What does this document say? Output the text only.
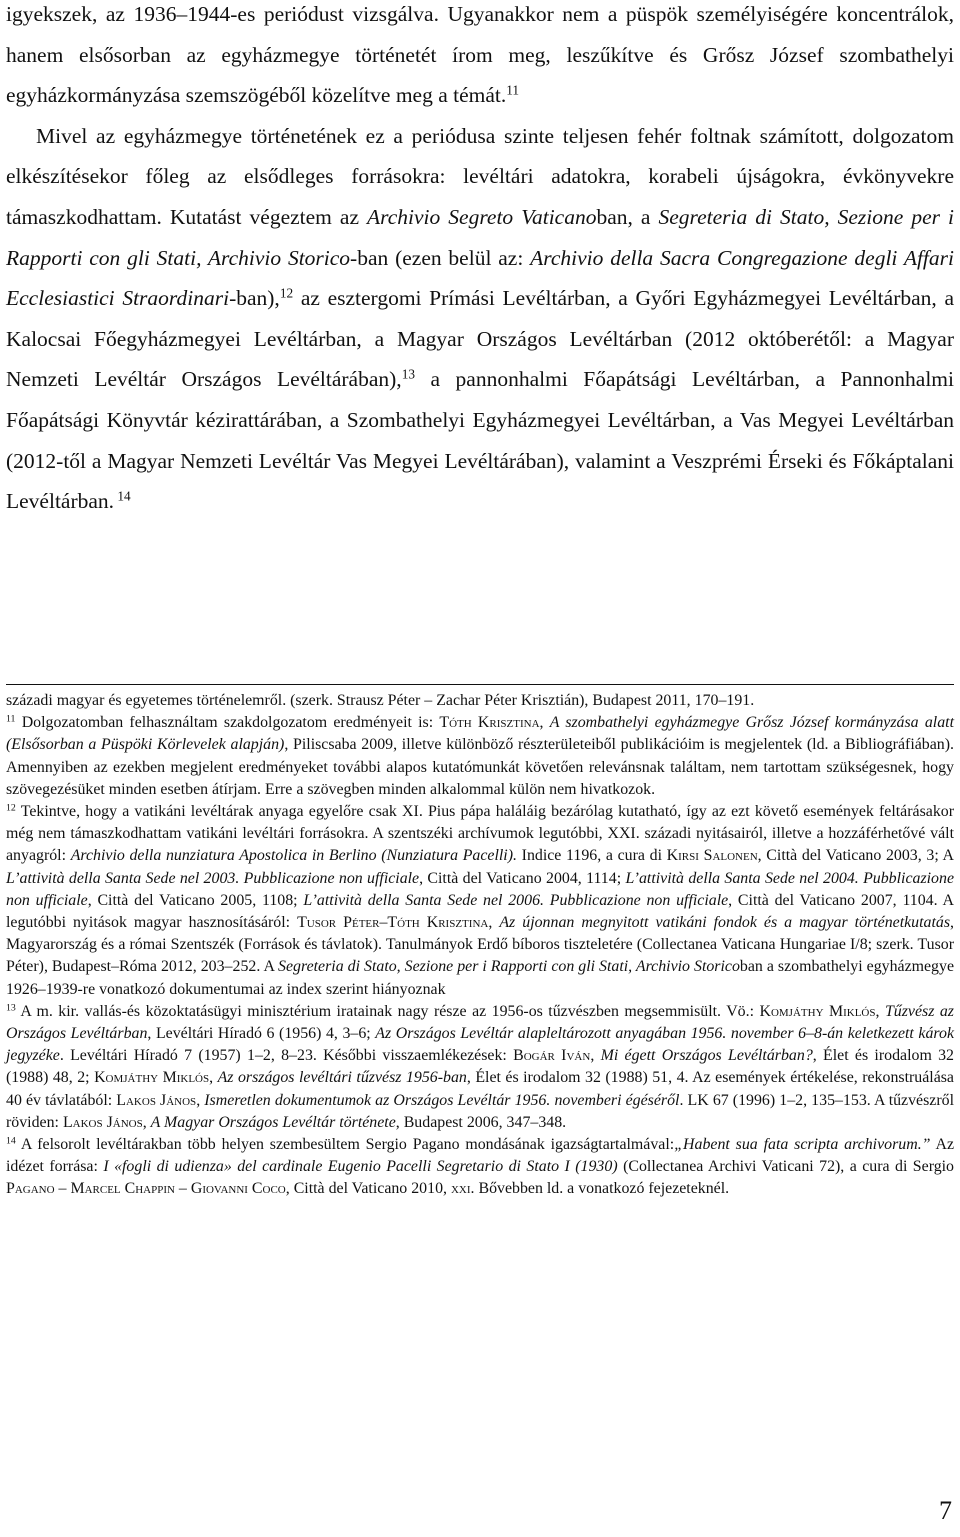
igyekszek, az 1936–1944-es periódust vizsgálva. Ugyanakkor nem a püspök személyiségére koncentrálok, hanem elsősorban az egyházmegye történetét írom meg, leszűkítve és Grősz József szombathelyi egyházkormányzása szemszögéből közelítve meg a témát.$^{11}$

Mivel az egyházmegye történetének ez a periódusa szinte teljesen fehér foltnak számított, dolgozatom elkészítésekor főleg az elsődleges forrásokra: levéltári adatokra, korabeli újságokra, évkönyvekre támaszkodhattam. Kutatást végeztem az Archivio Segreto Vaticanoban, a Segreteria di Stato, Sezione per i Rapporti con gli Stati, Archivio Storico-ban (ezen belül az: Archivio della Sacra Congregazione degli Affari Ecclesiastici Straordinari-ban),$^{12}$ az esztergomi Prímási Levéltárban, a Győri Egyházmegyei Levéltárban, a Kalocsai Főegyházmegyei Levéltárban, a Magyar Országos Levéltárban (2012 októberétől: a Magyar Nemzeti Levéltár Országos Levéltárában),$^{13}$ a pannonhalmi Főapátsági Levéltárban, a Pannonhalmi Főapátsági Könyvtár kézirattárában, a Szombathelyi Egyházmegyei Levéltárban, a Vas Megyei Levéltárban (2012-től a Magyar Nemzeti Levéltár Vas Megyei Levéltárában), valamint a Veszprémi Érseki és Főkáptalani Levéltárban. $^{14}$

századi magyar és egyetemes történelemről. (szerk. Strausz Péter – Zachar Péter Krisztián), Budapest 2011, 170–191.

$^{11}$ Dolgozatomban felhasználtam szakdolgozatom eredményeit is: Tóth Krisztina, A szombathelyi egyházmegye Grősz József kormányzása alatt (Elsősorban a Püspöki Körlevelek alapján), Piliscsaba 2009, illetve különböző részterületeiből publikációim is megjelentek (ld. a Bibliográfiában). Amennyiben az ezekben megjelent eredményeket további alapos kutatómunkát követően relevánsnak találtam, nem tartottam szükségesnek, hogy szövegezésüket minden esetben átírjam. Erre a szövegben minden alkalommal külön nem hivatkozok.

$^{12}$ Tekintve, hogy a vatikáni levéltárak anyaga egyelőre csak XI. Pius pápa haláláig bezárólag kutatható, így az ezt követő események feltárásakor még nem támaszkodhattam vatikáni levéltári forrásokra. A szentszéki archívumok legutóbbi, XXI. századi nyitásairól, illetve a hozzáférhetővé vált anyagról: Archivio della nunziatura Apostolica in Berlino (Nunziatura Pacelli). Indice 1196, a cura di Kirsi Salonen, Città del Vaticano 2003, 3; A L’attività della Santa Sede nel 2003. Pubblicazione non ufficiale, Città del Vaticano 2004, 1114; L’attività della Santa Sede nel 2004. Pubblicazione non ufficiale, Città del Vaticano 2005, 1108; L’attività della Santa Sede nel 2006. Pubblicazione non ufficiale, Città del Vaticano 2007, 1104. A legutóbbi nyitások magyar hasznosításáról: Tusor Péter–Tóth Krisztina, Az újonnan megnyitott vatikáni fondok és a magyar történetkutatás, Magyarország és a római Szentszék (Források és távlatok). Tanulmányok Erdő bíboros tiszteletére (Collectanea Vaticana Hungariae I/8; szerk. Tusor Péter), Budapest–Róma 2012, 203–252. A Segreteria di Stato, Sezione per i Rapporti con gli Stati, Archivio Storicoban a szombathelyi egyházmegye 1926–1939-re vonatkozó dokumentumai az index szerint hiányoznak

$^{13}$ A m. kir. vallás-és közoktatásügyi minisztérium iratainak nagy része az 1956-os tűzvészben megsemmisült. Vö.: Komjáthy Miklós, Tűzvész az Országos Levéltárban, Levéltári Híradó 6 (1956) 4, 3–6; Az Országos Levéltár alapleltározott anyagában 1956. november 6–8-án keletkezett károk jegyzéke. Levéltári Híradó 7 (1957) 1–2, 8–23. Későbbi visszaemlékezések: Bogár Iván, Mi égett Országos Levéltárban?, Élet és irodalom 32 (1988) 48, 2; Komjáthy Miklós, Az országos levéltári tűzvész 1956-ban, Élet és irodalom 32 (1988) 51, 4. Az események értékelése, rekonstruálása 40 év távlatából: Lakos János, Ismeretlen dokumentumok az Országos Levéltár 1956. novemberi égéséről. LK 67 (1996) 1–2, 135–153. A tűzvészről röviden: Lakos János, A Magyar Országos Levéltár története, Budapest 2006, 347–348.

$^{14}$ A felsorolt levéltárakban több helyen szembesültem Sergio Pagano mondásának igazságtartalmával:„Habent sua fata scripta archivorum.” Az idézet forrása: I «fogli di udienza» del cardinale Eugenio Pacelli Segretario di Stato I (1930) (Collectanea Archivi Vaticani 72), a cura di Sergio Pagano – Marcel Chappin – Giovanni Coco, Città del Vaticano 2010, xxi. Bővebben ld. a vonatkozó fejezeteknél.

7
